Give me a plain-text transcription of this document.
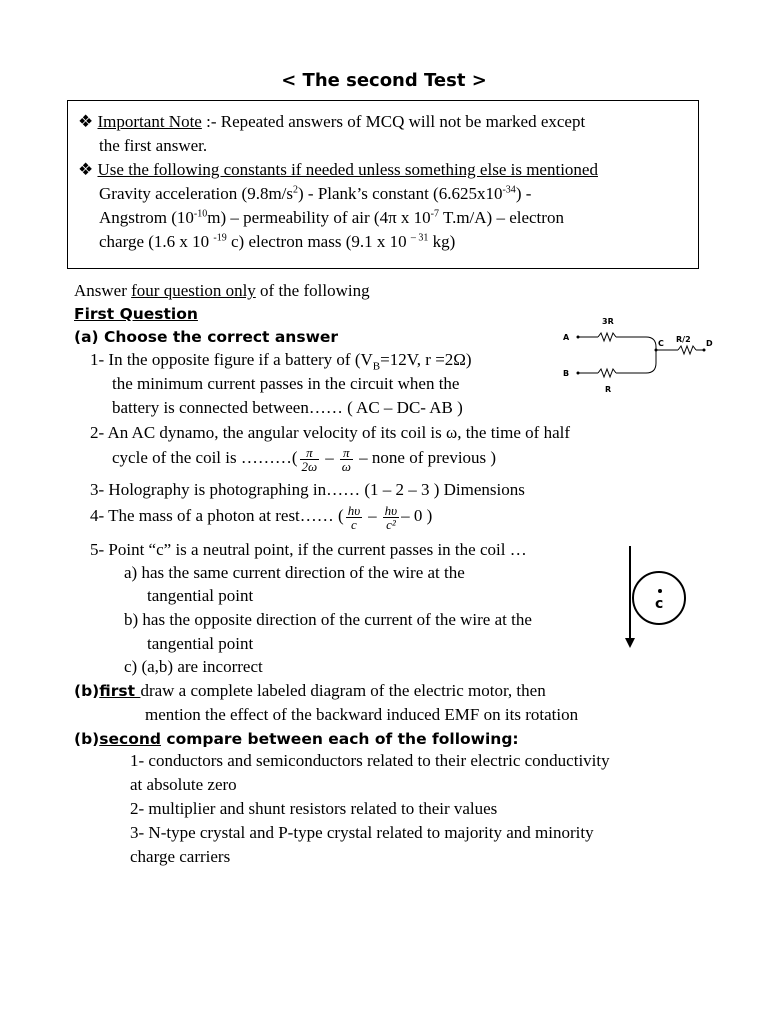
< The second Test >
❖ Important Note :- Repeated answers of MCQ will not be marked except
the first answer.
❖ Use the following constants if needed unless something else is mentioned
Gravity acceleration $(9.8m/s^2)$ - Plank’s constant $(6.625x10^{-34})$ -
Angstrom $(10^{-10}m)$ – permeability of air (4π x $10^{-7}$ T.m/A) – electron
charge (1.6 x 10 $^{-19}$ c) electron mass (9.1 x 10 $^{- 31}$ kg)
Answer four question only of the following
First Question
(a) Choose the correct answer
1- In the opposite figure if a battery of ($V_B=12V$, r =2Ω)
the minimum current passes in the circuit when the
battery is connected between…… ( AC – DC- AB )
2- An AC dynamo, the angular velocity of its coil is ω, the time of half
cycle of the coil is ………( $\frac{\pi}{2\omega} - \frac{\pi}{\omega}$ – none of previous )
3- Holography is photographing in…… (1 – 2 – 3 ) Dimensions
4- The mass of a photon at rest…… ( $\frac{h\upsilon}{c} - \frac{h\upsilon}{\text{c²}} - 0$ )
5- Point “c” is a neutral point, if the current passes in the coil …
a) has the same current direction of the wire at the
tangential point
b) has the opposite direction of the current of the wire at the
tangential point
c) (a,b) are incorrect
(b)first draw a complete labeled diagram of the electric motor, then
mention the effect of the backward induced EMF on its rotation
(b)second compare between each of the following:
1- conductors and semiconductors related to their electric conductivity
at absolute zero
2- multiplier and shunt resistors related to their values
3- N-type crystal and P-type crystal related to majority and minority
charge carriers
A
B
C	D
3R
R
R/2
c
